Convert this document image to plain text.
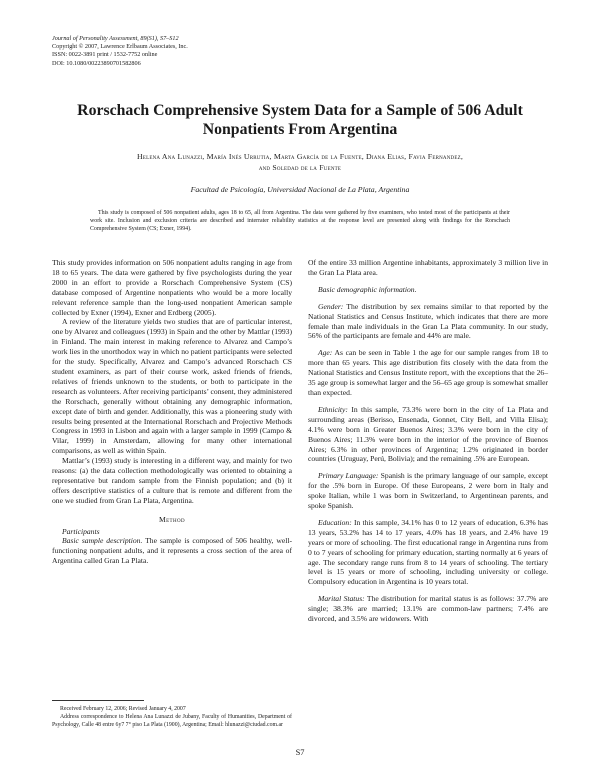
Journal of Personality Assessment, 89(S1), S7–S12
Copyright © 2007, Lawrence Erlbaum Associates, Inc.
ISSN: 0022-3891 print / 1532-7752 online
DOI: 10.1080/00223890701582806
Rorschach Comprehensive System Data for a Sample of 506 Adult Nonpatients From Argentina
Helena Ana Lunazzi, María Inés Urrutia, Marta García de la Fuente, Diana Elias, Favia Fernandez,
and Soledad de la Fuente
Facultad de Psicología, Universidad Nacional de La Plata, Argentina
This study is composed of 506 nonpatient adults, ages 18 to 65, all from Argentina. The data were gathered by five examiners, who tested most of the participants at their work site. Inclusion and exclusion criteria are described and interrater reliability statistics at the response level are presented along with findings for the Rorschach Comprehensive System (CS; Exner, 1994).

This study provides information on 506 nonpatient adults ranging in age from 18 to 65 years. The data were gathered by five psychologists during the year 2000 in an effort to provide a Rorschach Comprehensive System (CS) database composed of Argentine nonpatients who would be a more locally relevant reference sample than the long-used nonpatient American sample collected by Exner (1994), Exner and Erdberg (2005).

A review of the literature yields two studies that are of particular interest, one by Alvarez and colleagues (1993) in Spain and the other by Mattlar (1993) in Finland. The main interest in making reference to Alvarez and Campo’s work lies in the unorthodox way in which no patient participants were selected for the study. Specifically, Alvarez and Campo’s advanced Rorschach CS student examiners, as part of their course work, asked friends of friends, relatives of friends unknown to the students, or both to participate in the research as volunteers. After receiving participants’ consent, they administered the Rorschach, generally without obtaining any demographic information, except date of birth and gender. Additionally, this was a pioneering study with results being presented at the International Rorschach and Projective Methods Congress in 1993 in Lisbon and again with a larger sample in 1999 (Campo & Vilar, 1999) in Amsterdam, allowing for many other international comparisons, as well as within Spain.

Mattlar’s (1993) study is interesting in a different way, and mainly for two reasons: (a) the data collection methodologically was oriented to obtaining a representative but random sample from the Finnish population; and (b) it offers descriptive statistics of a culture that is remote and different from the one we studied from Gran La Plata, Argentina.

Method

Participants

Basic sample description. The sample is composed of 506 healthy, well-functioning nonpatient adults, and it represents a cross section of the area of Argentina called Gran La Plata.

Of the entire 33 million Argentine inhabitants, approximately 3 million live in the Gran La Plata area.

Basic demographic information.

Gender: The distribution by sex remains similar to that reported by the National Statistics and Census Institute, which indicates that there are more female than male individuals in the Gran La Plata community. In our study, 56% of the participants are female and 44% are male.

Age: As can be seen in Table 1 the age for our sample ranges from 18 to more than 65 years. This age distribution fits closely with the data from the National Statistics and Census Institute report, with the exceptions that the 26–35 age group is somewhat larger and the 56–65 age group is somewhat smaller than expected.

Ethnicity: In this sample, 73.3% were born in the city of La Plata and surrounding areas (Berisso, Ensenada, Gonnet, City Bell, and Villa Elisa); 4.1% were born in Greater Buenos Aires; 3.3% were born in the city of Buenos Aires; 11.3% were born in the interior of the province of Buenos Aires; 6.3% in other provinces of Argentina; 1.2% originated in border countries (Uruguay, Perú, Bolivia); and the remaining .5% are European.

Primary Language: Spanish is the primary language of our sample, except for the .5% born in Europe. Of these Europeans, 2 were born in Italy and spoke Italian, while 1 was born in Switzerland, to Argentinean parents, and spoke Spanish.

Education: In this sample, 34.1% has 0 to 12 years of education, 6.3% has 13 years, 53.2% has 14 to 17 years, 4.0% has 18 years, and 2.4% have 19 years or more of schooling. The first educational range in Argentina runs from 0 to 7 years of schooling for primary education, starting normally at 6 years of age. The secondary range runs from 8 to 14 years of schooling. The tertiary level is 15 years or more of schooling, including university or college. Compulsory education in Argentina is 10 years total.

Marital Status: The distribution for marital status is as follows: 37.7% are single; 38.3% are married; 13.1% are common-law partners; 7.4% are divorced, and 3.5% are widowers. With

Received February 12, 2006; Revised January 4, 2007

Address correspondence to Helena Ana Lunazzi de Jubany, Faculty of Humanities, Department of Psychology, Calle 48 entre 6y7 7° piso La Plata (1900), Argentina; Email: hlunazzi@ciudad.com.ar

S7
